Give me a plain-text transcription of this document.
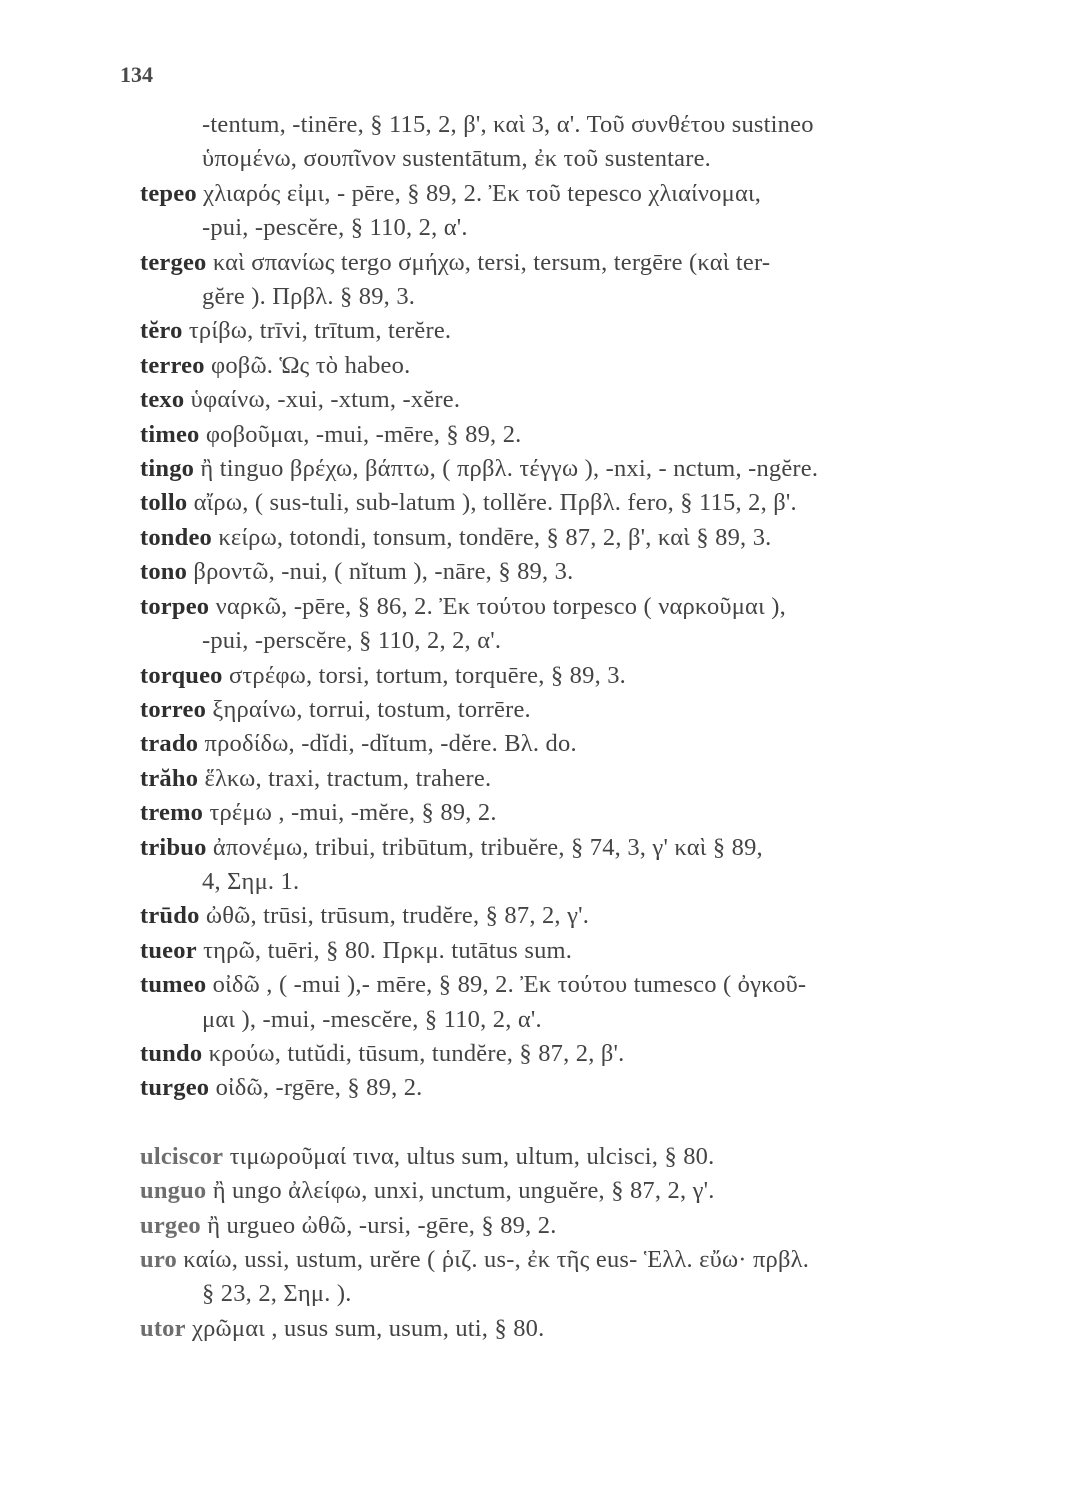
134
-tentum, -tinēre, § 115, 2, β', καὶ 3, α'. Τοῦ συνθέτου sustineo
ὑπομένω, σουπῖνον sustentātum, ἐκ τοῦ sustentare.
tepeo χλιαρός εἰμι, - pēre, § 89, 2. Ἐκ τοῦ tepesco χλιαίνομαι,
-pui, -pescĕre, § 110, 2, α'.
tergeo καὶ σπανίως tergo σμήχω, tersi, tersum, tergēre (καὶ ter-
gĕre ). Πρβλ. § 89, 3.
tĕro τρίβω, trīvi, trītum, terĕre.
terreo φοβῶ. Ὡς τὸ habeo.
texo ὑφαίνω, -xui, -xtum, -xĕre.
timeo φοβοῦμαι, -mui, -mēre, § 89, 2.
tingo ἢ tinguo βρέχω, βάπτω, ( πρβλ. τέγγω ), -nxi, - nctum, -ngĕre.
tollo αἴρω, ( sus-tuli, sub-latum ), tollĕre. Πρβλ. fero, § 115, 2, β'.
tondeo κείρω, totondi, tonsum, tondēre, § 87, 2, β', καὶ § 89, 3.
tono βροντῶ, -nui, ( nĭtum ), -nāre, § 89, 3.
torpeo ναρκῶ, -pēre, § 86, 2. Ἐκ τούτου torpesco ( ναρκοῦμαι ),
-pui, -perscĕre, § 110, 2, 2, α'.
torqueo στρέφω, torsi, tortum, torquēre, § 89, 3.
torreo ξηραίνω, torrui, tostum, torrēre.
trado προδίδω, -dĭdi, -dĭtum, -dĕre. Βλ. do.
trăho ἕλκω, traxi, tractum, trahere.
tremo τρέμω , -mui, -mĕre, § 89, 2.
tribuo ἀπονέμω, tribui, tribūtum, tribuĕre, § 74, 3, γ' καὶ § 89,
4, Σημ. 1.
trūdo ὠθῶ, trūsi, trūsum, trudĕre, § 87, 2, γ'.
tueor τηρῶ, tuēri, § 80. Πρκμ. tutātus sum.
tumeo οἰδῶ , ( -mui ),- mēre, § 89, 2. Ἐκ τούτου tumesco ( ὀγκοῦ-
μαι ), -mui, -mescĕre, § 110, 2, α'.
tundo κρούω, tutŭdi, tūsum, tundĕre, § 87, 2, β'.
turgeo οἰδῶ, -rgēre, § 89, 2.
ulciscor τιμωροῦμαί τινα, ultus sum, ultum, ulcisci, § 80.
unguo ἢ ungo ἀλείφω, unxi, unctum, unguĕre, § 87, 2, γ'.
urgeo ἢ urgueo ὠθῶ, -ursi, -gēre, § 89, 2.
uro καίω, ussi, ustum, urĕre ( ῥιζ. us-, ἐκ τῆς eus- Ἑλλ. εὔω· πρβλ.
§ 23, 2, Σημ. ).
utor χρῶμαι , usus sum, usum, uti, § 80.
